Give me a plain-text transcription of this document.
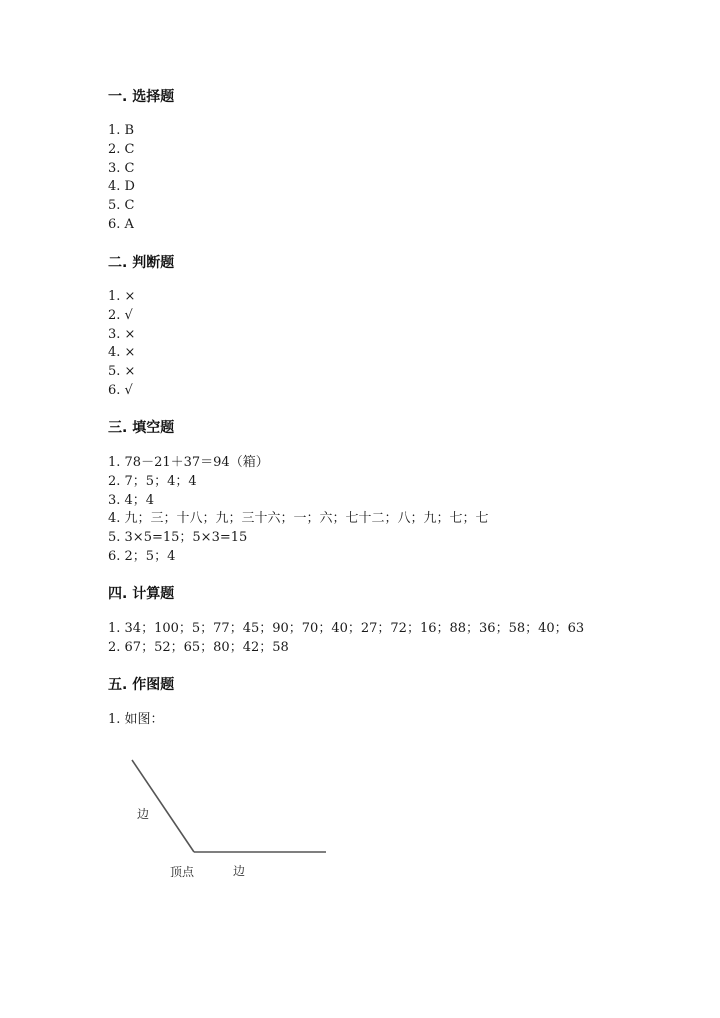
一. 选择题
1. B
2. C
3. C
4. D
5. C
6. A
二. 判断题
1. ×
2. √
3. ×
4. ×
5. ×
6. √
三. 填空题
1. 78－21＋37＝94（箱）
2. 7；5；4；4
3. 4；4
4. 九；三；十八；九；三十六；一；六；七十二；八；九；七；七
5. 3×5=15；5×3=15
6. 2；5；4
四. 计算题
1. 34；100；5；77；45；90；70；40；27；72；16；88；36；58；40；63
2. 67；52；65；80；42；58
五. 作图题

1. 如图：

边
顶点	边
